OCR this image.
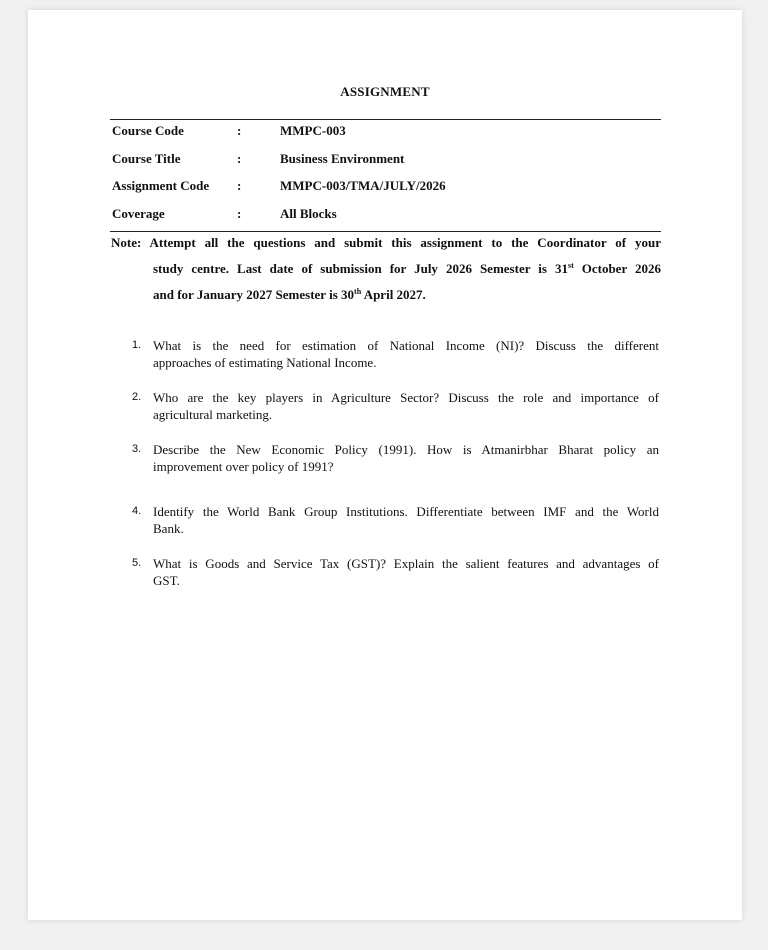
ASSIGNMENT
Course Code	:	MMPC-003
Course Title	:	Business Environment
Assignment Code :	MMPC-003/TMA/JULY/2026
Coverage	:	All Blocks
Note: Attempt all the questions and submit this assignment to the Coordinator of your
study centre. Last date of submission for July 2026 Semester is 31st October 2026
and for January 2027 Semester is 30th April 2027.
1. What is the need for estimation of National Income (NI)? Discuss the different
approaches of estimating National Income.
2. Who are the key players in Agriculture Sector? Discuss the role and importance of
agricultural marketing.
3. Describe the New Economic Policy (1991). How is Atmanirbhar Bharat policy an
improvement over policy of 1991?
4. Identify the World Bank Group Institutions. Differentiate between IMF and the World
Bank.
5. What is Goods and Service Tax (GST)? Explain the salient features and advantages of
GST.
